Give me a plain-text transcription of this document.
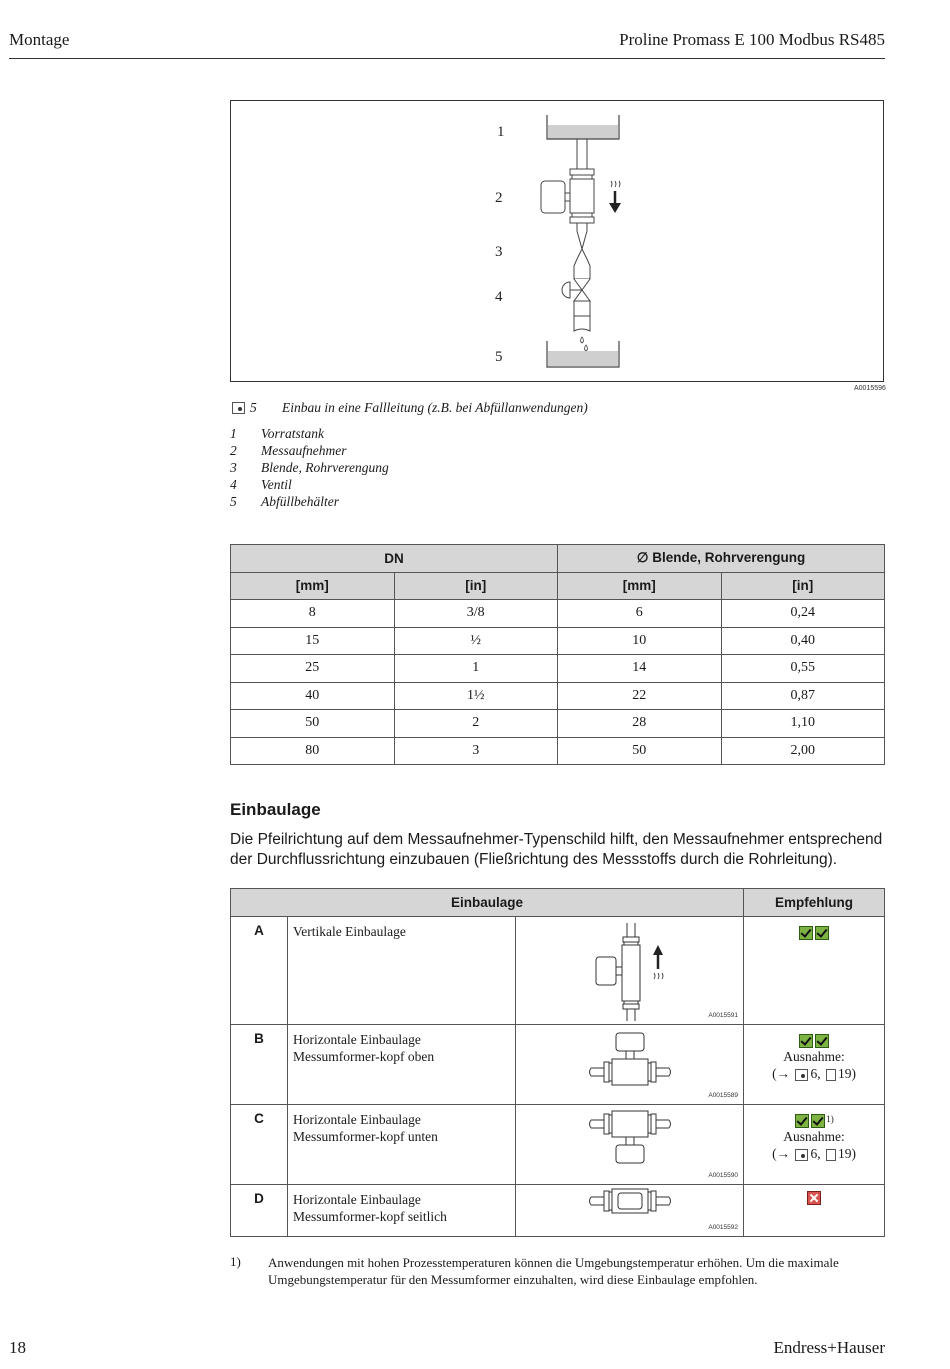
Montage	Proline Promass E 100 Modbus RS485
1
2
3
4
5
A0015596
5 Einbau in eine Fallleitung (z.B. bei Abfüllanwendungen)
1 Vorratstank
2 Messaufnehmer
3 Blende, Rohrverengung
4 Ventil
5 Abfüllbehälter
DN		∅ Blende, Rohrverengung	
[mm]	[in]	[mm]	[in]
8	3/8	6	0,24
15	½	10	0,40
25	1	14	0,55
40	1½	22	0,87
50	2	28	1,10
80	3	50	2,00
Einbaulage
Die Pfeilrichtung auf dem Messaufnehmer-Typenschild hilft, den Messaufnehmer entsprechend der Durchflussrichtung einzubauen (Fließrichtung des Messstoffs durch die Rohrleitung).
Einbaulage			Empfehlung
A	Vertikale Einbaulage	A0015591	

B	Horizontale Einbaulage Messumformer-kopf oben	A0015589	Ausnahme:
(→ 6, 19)
C	Horizontale Einbaulage Messumformer-kopf unten	A0015590	$^{1)}$
Ausnahme:
(→ 6, 19)
D	Horizontale Einbaulage Messumformer-kopf seitlich	A0015592	

1) Anwendungen mit hohen Prozesstemperaturen können die Umgebungstemperatur erhöhen. Um die maximale Umgebungstemperatur für den Messumformer einzuhalten, wird diese Einbaulage empfohlen.
18	Endress+Hauser
